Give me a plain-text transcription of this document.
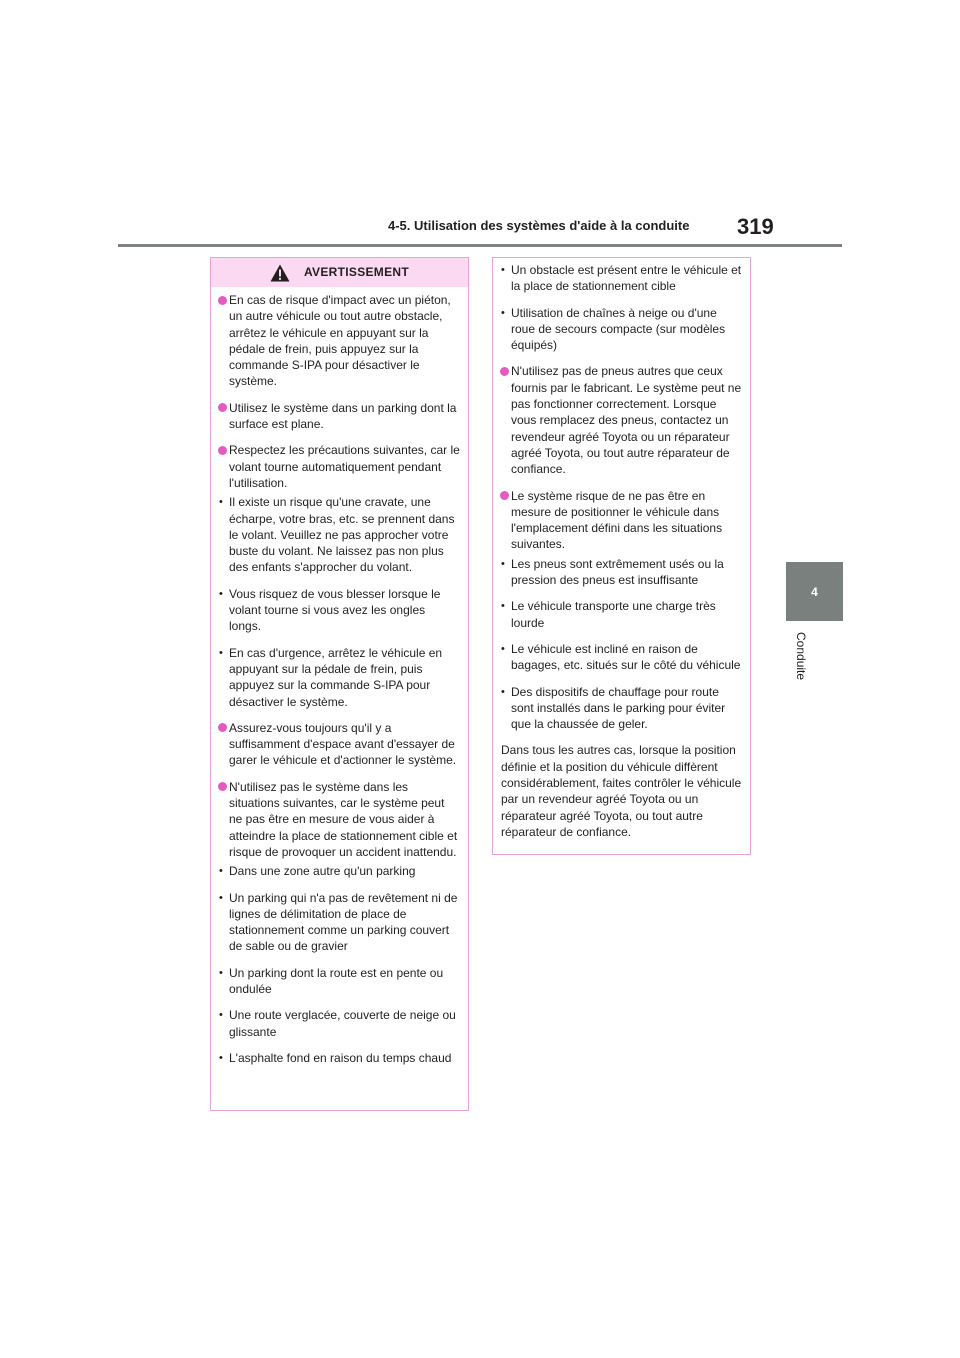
4-5. Utilisation des systèmes d'aide à la conduite 319
4
Conduite
AVERTISSEMENT
En cas de risque d'impact avec un piéton, un autre véhicule ou tout autre obstacle, arrêtez le véhicule en appuyant sur la pédale de frein, puis appuyez sur la commande S-IPA pour désactiver le système.
Utilisez le système dans un parking dont la surface est plane.
Respectez les précautions suivantes, car le volant tourne automatiquement pendant l'utilisation.
• Il existe un risque qu'une cravate, une écharpe, votre bras, etc. se prennent dans le volant. Veuillez ne pas approcher votre buste du volant. Ne laissez pas non plus des enfants s'approcher du volant.
• Vous risquez de vous blesser lorsque le volant tourne si vous avez les ongles longs.
• En cas d'urgence, arrêtez le véhicule en appuyant sur la pédale de frein, puis appuyez sur la commande S-IPA pour désactiver le système.
Assurez-vous toujours qu'il y a suffisamment d'espace avant d'essayer de garer le véhicule et d'actionner le système.
N'utilisez pas le système dans les situations suivantes, car le système peut ne pas être en mesure de vous aider à atteindre la place de stationnement cible et risque de provoquer un accident inattendu.
• Dans une zone autre qu'un parking
• Un parking qui n'a pas de revêtement ni de lignes de délimitation de place de stationnement comme un parking couvert de sable ou de gravier
• Un parking dont la route est en pente ou ondulée
• Une route verglacée, couverte de neige ou glissante
• L'asphalte fond en raison du temps chaud
• Un obstacle est présent entre le véhicule et la place de stationnement cible
• Utilisation de chaînes à neige ou d'une roue de secours compacte (sur modèles équipés)
N'utilisez pas de pneus autres que ceux fournis par le fabricant. Le système peut ne pas fonctionner correctement. Lorsque vous remplacez des pneus, contactez un revendeur agréé Toyota ou un réparateur agréé Toyota, ou tout autre réparateur de confiance.
Le système risque de ne pas être en mesure de positionner le véhicule dans l'emplacement défini dans les situations suivantes.
• Les pneus sont extrêmement usés ou la pression des pneus est insuffisante
• Le véhicule transporte une charge très lourde
• Le véhicule est incliné en raison de bagages, etc. situés sur le côté du véhicule
• Des dispositifs de chauffage pour route sont installés dans le parking pour éviter que la chaussée de geler.
Dans tous les autres cas, lorsque la position définie et la position du véhicule diffèrent considérablement, faites contrôler le véhicule par un revendeur agréé Toyota ou un réparateur agréé Toyota, ou tout autre réparateur de confiance.
